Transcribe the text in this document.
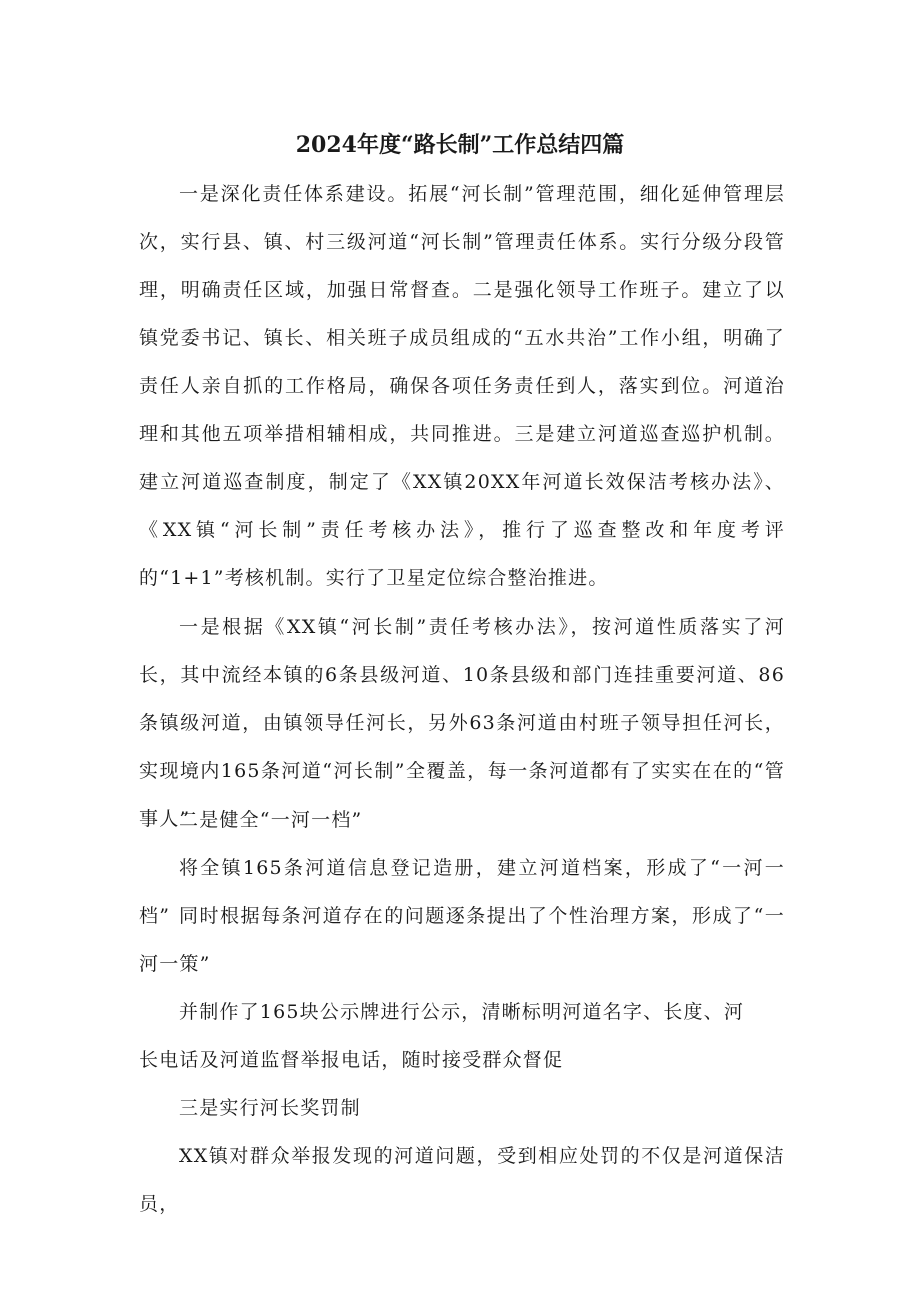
2024年度“路长制”工作总结四篇

一是深化责任体系建设。拓展“河长制”管理范围，细化延伸管理层次，实行县、镇、村三级河道“河长制”管理责任体系。实行分级分段管理，明确责任区域，加强日常督查。二是强化领导工作班子。建立了以镇党委书记、镇长、相关班子成员组成的“五水共治”工作小组，明确了责任人亲自抓的工作格局，确保各项任务责任到人，落实到位。河道治理和其他五项举措相辅相成，共同推进。三是建立河道巡查巡护机制。建立河道巡查制度，制定了《XX镇20XX年河道长效保洁考核办法》、《XX镇“河长制”责任考核办法》，推行了巡查整改和年度考评的“1+1”考核机制。实行了卫星定位综合整治推进。

一是根据《XX镇“河长制”责任考核办法》，按河道性质落实了河长，其中流经本镇的6条县级河道、10条县级和部门连挂重要河道、86条镇级河道，由镇领导任河长，另外63条河道由村班子领导担任河长，实现境内165条河道“河长制”全覆盖，每一条河道都有了实实在在的“管事人”

二是健全“一河一档”

将全镇165条河道信息登记造册，建立河道档案，形成了“一河一档” 同时根据每条河道存在的问题逐条提出了个性治理方案，形成了“一河一策”

并制作了165块公示牌进行公示，清晰标明河道名字、长度、河

长电话及河道监督举报电话，随时接受群众督促

三是实行河长奖罚制

XX镇对群众举报发现的河道问题，受到相应处罚的不仅是河道保洁员，
